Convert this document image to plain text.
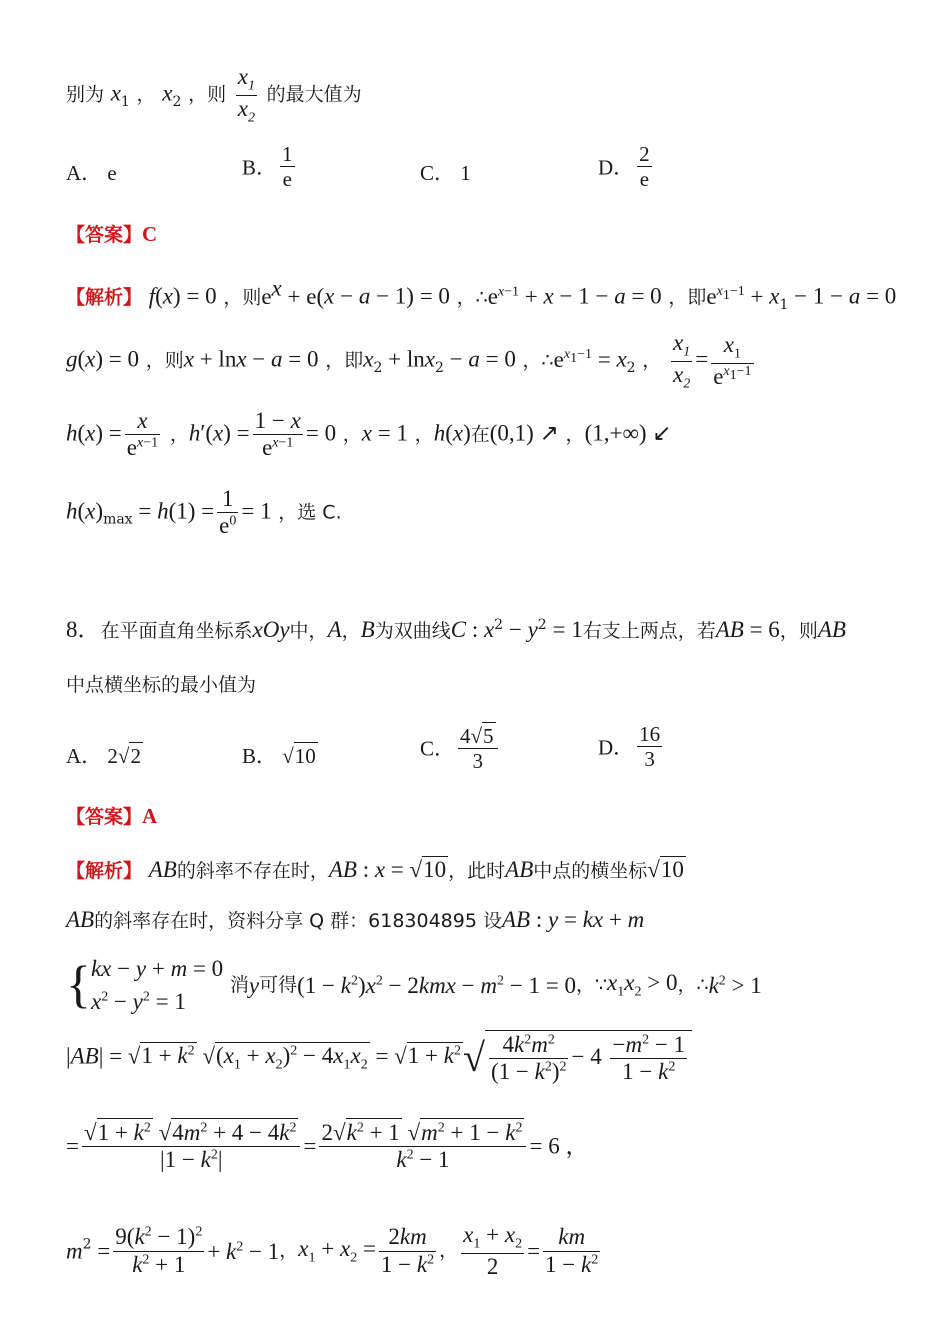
别为 $x_1$ ， $x_2$ ，则 $\frac{x_1}{x_2}$ 的最大值为
A． e	B． $\frac{1}{e}$	C． 1	D． $\frac{2}{e}$
【答案】C
【解析】 f(x) = 0 ，则$e^x + e(x - a - 1) = 0$ ，$\therefore e^{x-1} + x - 1 - a = 0$ ，即$e^{x_1-1} + x_1 - 1 - a = 0$
g(x) = 0 ，则x + lnx − a = 0 ，即$x_2 + \ln x_2 - a = 0$ ，$\therefore e^{x_1-1} = x_2$ ， $\frac{x_1}{x_2} = \frac{x_1}{e^{x_1-1}}$
$h(x) = \frac{x}{e^{x-1}}$ ，$h'(x) = \frac{1 - x}{e^{x-1}} = 0$ ，x = 1 ，h(x)在(0,1) ↗ ，(1,+∞) ↙
$h(x)_{max} = h(1) = \frac{1}{e^0} = 1$ ，选 C.
8．在平面直角坐标系xOy中，A，B为双曲线C : $x^2 - y^2 = 1$右支上两点，若AB = 6，则AB
中点横坐标的最小值为
A． 2√2	B． √10	C． $\frac{4√5}{3}$	D． $\frac{16}{3}$
【答案】A
【解析】 AB的斜率不存在时，AB : x = √10 ，此时AB中点的横坐标√10
AB的斜率存在时，资料分享 Q 群：618304895 设AB : y = kx + m
{ kx − y + m = 0
$x^2 - y^2 = 1$
消y可得$(1 - k^2)x^2 - 2kmx - m^2 - 1 = 0$，$\because x_1x_2 > 0$，$\therefore k^2 > 1$
$|AB| = √1 + k^2$ $√(x_1 + x_2)^2 - 4x_1x_2 = √1 + k^2√ \frac{4k^2m^2}{(1 - k^2)^2} - 4 \frac{-m^2 - 1}{1 - k^2}$
= $\frac{√1 + k^2 √4m^2 + 4 - 4k^2}{|1 - k^2|} = \frac{2√k^2 + 1 √m^2 + 1 - k^2}{k^2 - 1} = 6$ ，
$m^2 = \frac{9(k^2 - 1)^2}{k^2 + 1} + k^2 - 1$，$x_1 + x_2 = \frac{2km}{1 - k^2}$ ， $\frac{x_1 + x_2}{2} = \frac{km}{1 - k^2}$
